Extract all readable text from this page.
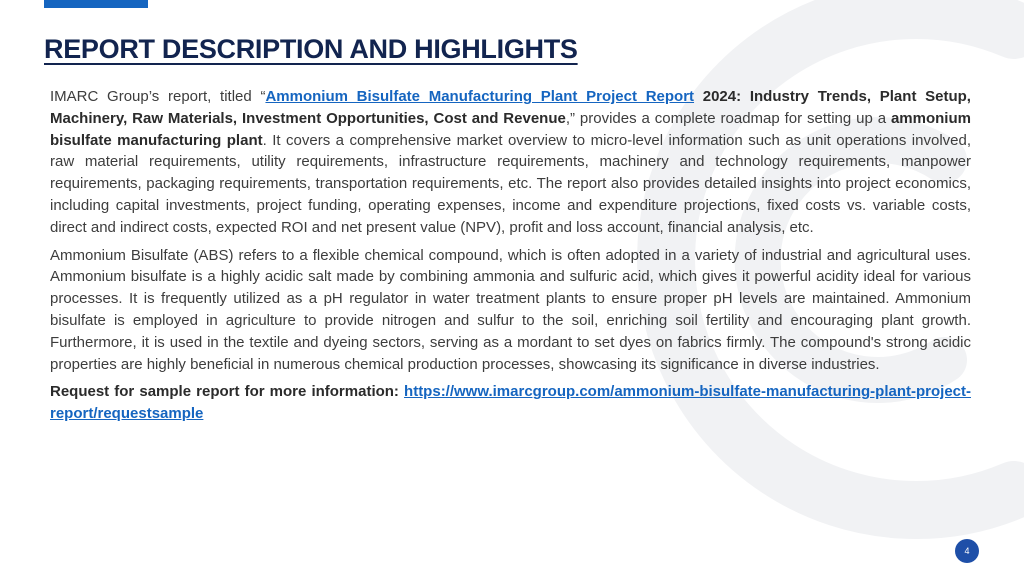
REPORT DESCRIPTION AND HIGHLIGHTS

IMARC Group’s report, titled “Ammonium Bisulfate Manufacturing Plant Project Report 2024: Industry Trends, Plant Setup, Machinery, Raw Materials, Investment Opportunities, Cost and Revenue,” provides a complete roadmap for setting up a ammonium bisulfate manufacturing plant. It covers a comprehensive market overview to micro-level information such as unit operations involved, raw material requirements, utility requirements, infrastructure requirements, machinery and technology requirements, manpower requirements, packaging requirements, transportation requirements, etc. The report also provides detailed insights into project economics, including capital investments, project funding, operating expenses, income and expenditure projections, fixed costs vs. variable costs, direct and indirect costs, expected ROI and net present value (NPV), profit and loss account, financial analysis, etc.

Ammonium Bisulfate (ABS) refers to a flexible chemical compound, which is often adopted in a variety of industrial and agricultural uses. Ammonium bisulfate is a highly acidic salt made by combining ammonia and sulfuric acid, which gives it powerful acidity ideal for various processes. It is frequently utilized as a pH regulator in water treatment plants to ensure proper pH levels are maintained. Ammonium bisulfate is employed in agriculture to provide nitrogen and sulfur to the soil, enriching soil fertility and encouraging plant growth. Furthermore, it is used in the textile and dyeing sectors, serving as a mordant to set dyes on fabrics firmly. The compound's strong acidic properties are highly beneficial in numerous chemical production processes, showcasing its significance in diverse industries.

Request for sample report for more information: https://www.imarcgroup.com/ammonium-bisulfate-manufacturing-plant-project-report/requestsample

4
